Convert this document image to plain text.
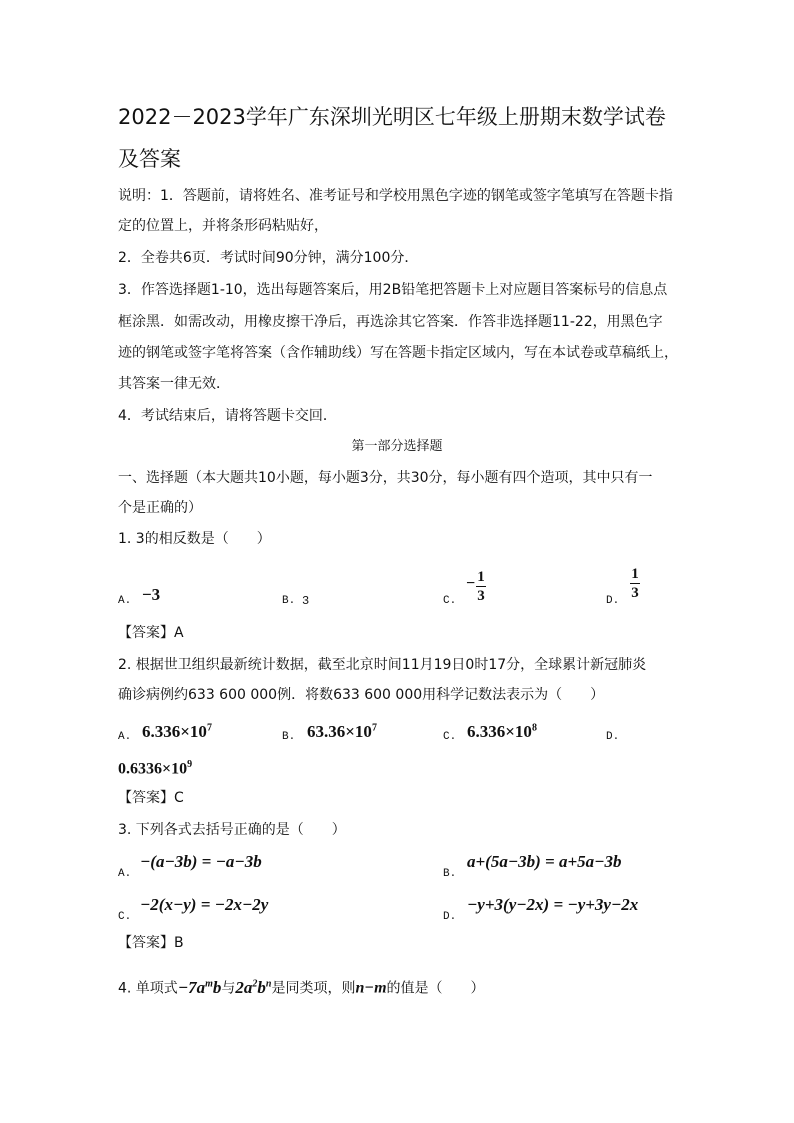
2022－2023学年广东深圳光明区七年级上册期末数学试卷
及答案
说明：1．答题前，请将姓名、准考证号和学校用黑色字迹的钢笔或签字笔填写在答题卡指
定的位置上，并将条形码粘贴好，
2．全卷共6页．考试时间90分钟，满分100分．
3．作答选择题1-10，选出每题答案后，用2B铅笔把答题卡上对应题目答案标号的信息点
框涂黑．如需改动，用橡皮擦干净后，再选涂其它答案．作答非选择题11-22，用黑色字
迹的钢笔或签字笔将答案（含作辅助线）写在答题卡指定区域内，写在本试卷或草稿纸上，
其答案一律无效．
4．考试结束后，请将答题卡交回．
第一部分选择题
一、选择题（本大题共10小题，每小题3分，共30分，每小题有四个造项，其中只有一
个是正确的）
1. 3的相反数是（　　）
A. −3	B. 3	C.
− 1
3	D.
1
3
【答案】A
2. 根据世卫组织最新统计数据，截至北京时间11月19日0时17分，全球累计新冠肺炎
确诊病例约633 600 000例．将数633 600 000用科学记数法表示为（　　）
A. $6.336\times 10^7$
B. $63.36\times 10^7$
C. $6.336\times 10^8$
D.
$0.6336\times 10^9$
【答案】C
3. 下列各式去括号正确的是（　　）
A.
−(a−3b) = −a−3b
B.
a+(5a−3b) = a+5a−3b
C.
−2(x−y) = −2x−2y
D.
−y+3(y−2x) = −y+3y−2x
【答案】B
4. 单项式$-7a^mb$与$2a^2b^n$是同类项，则n−m的值是（　　）
